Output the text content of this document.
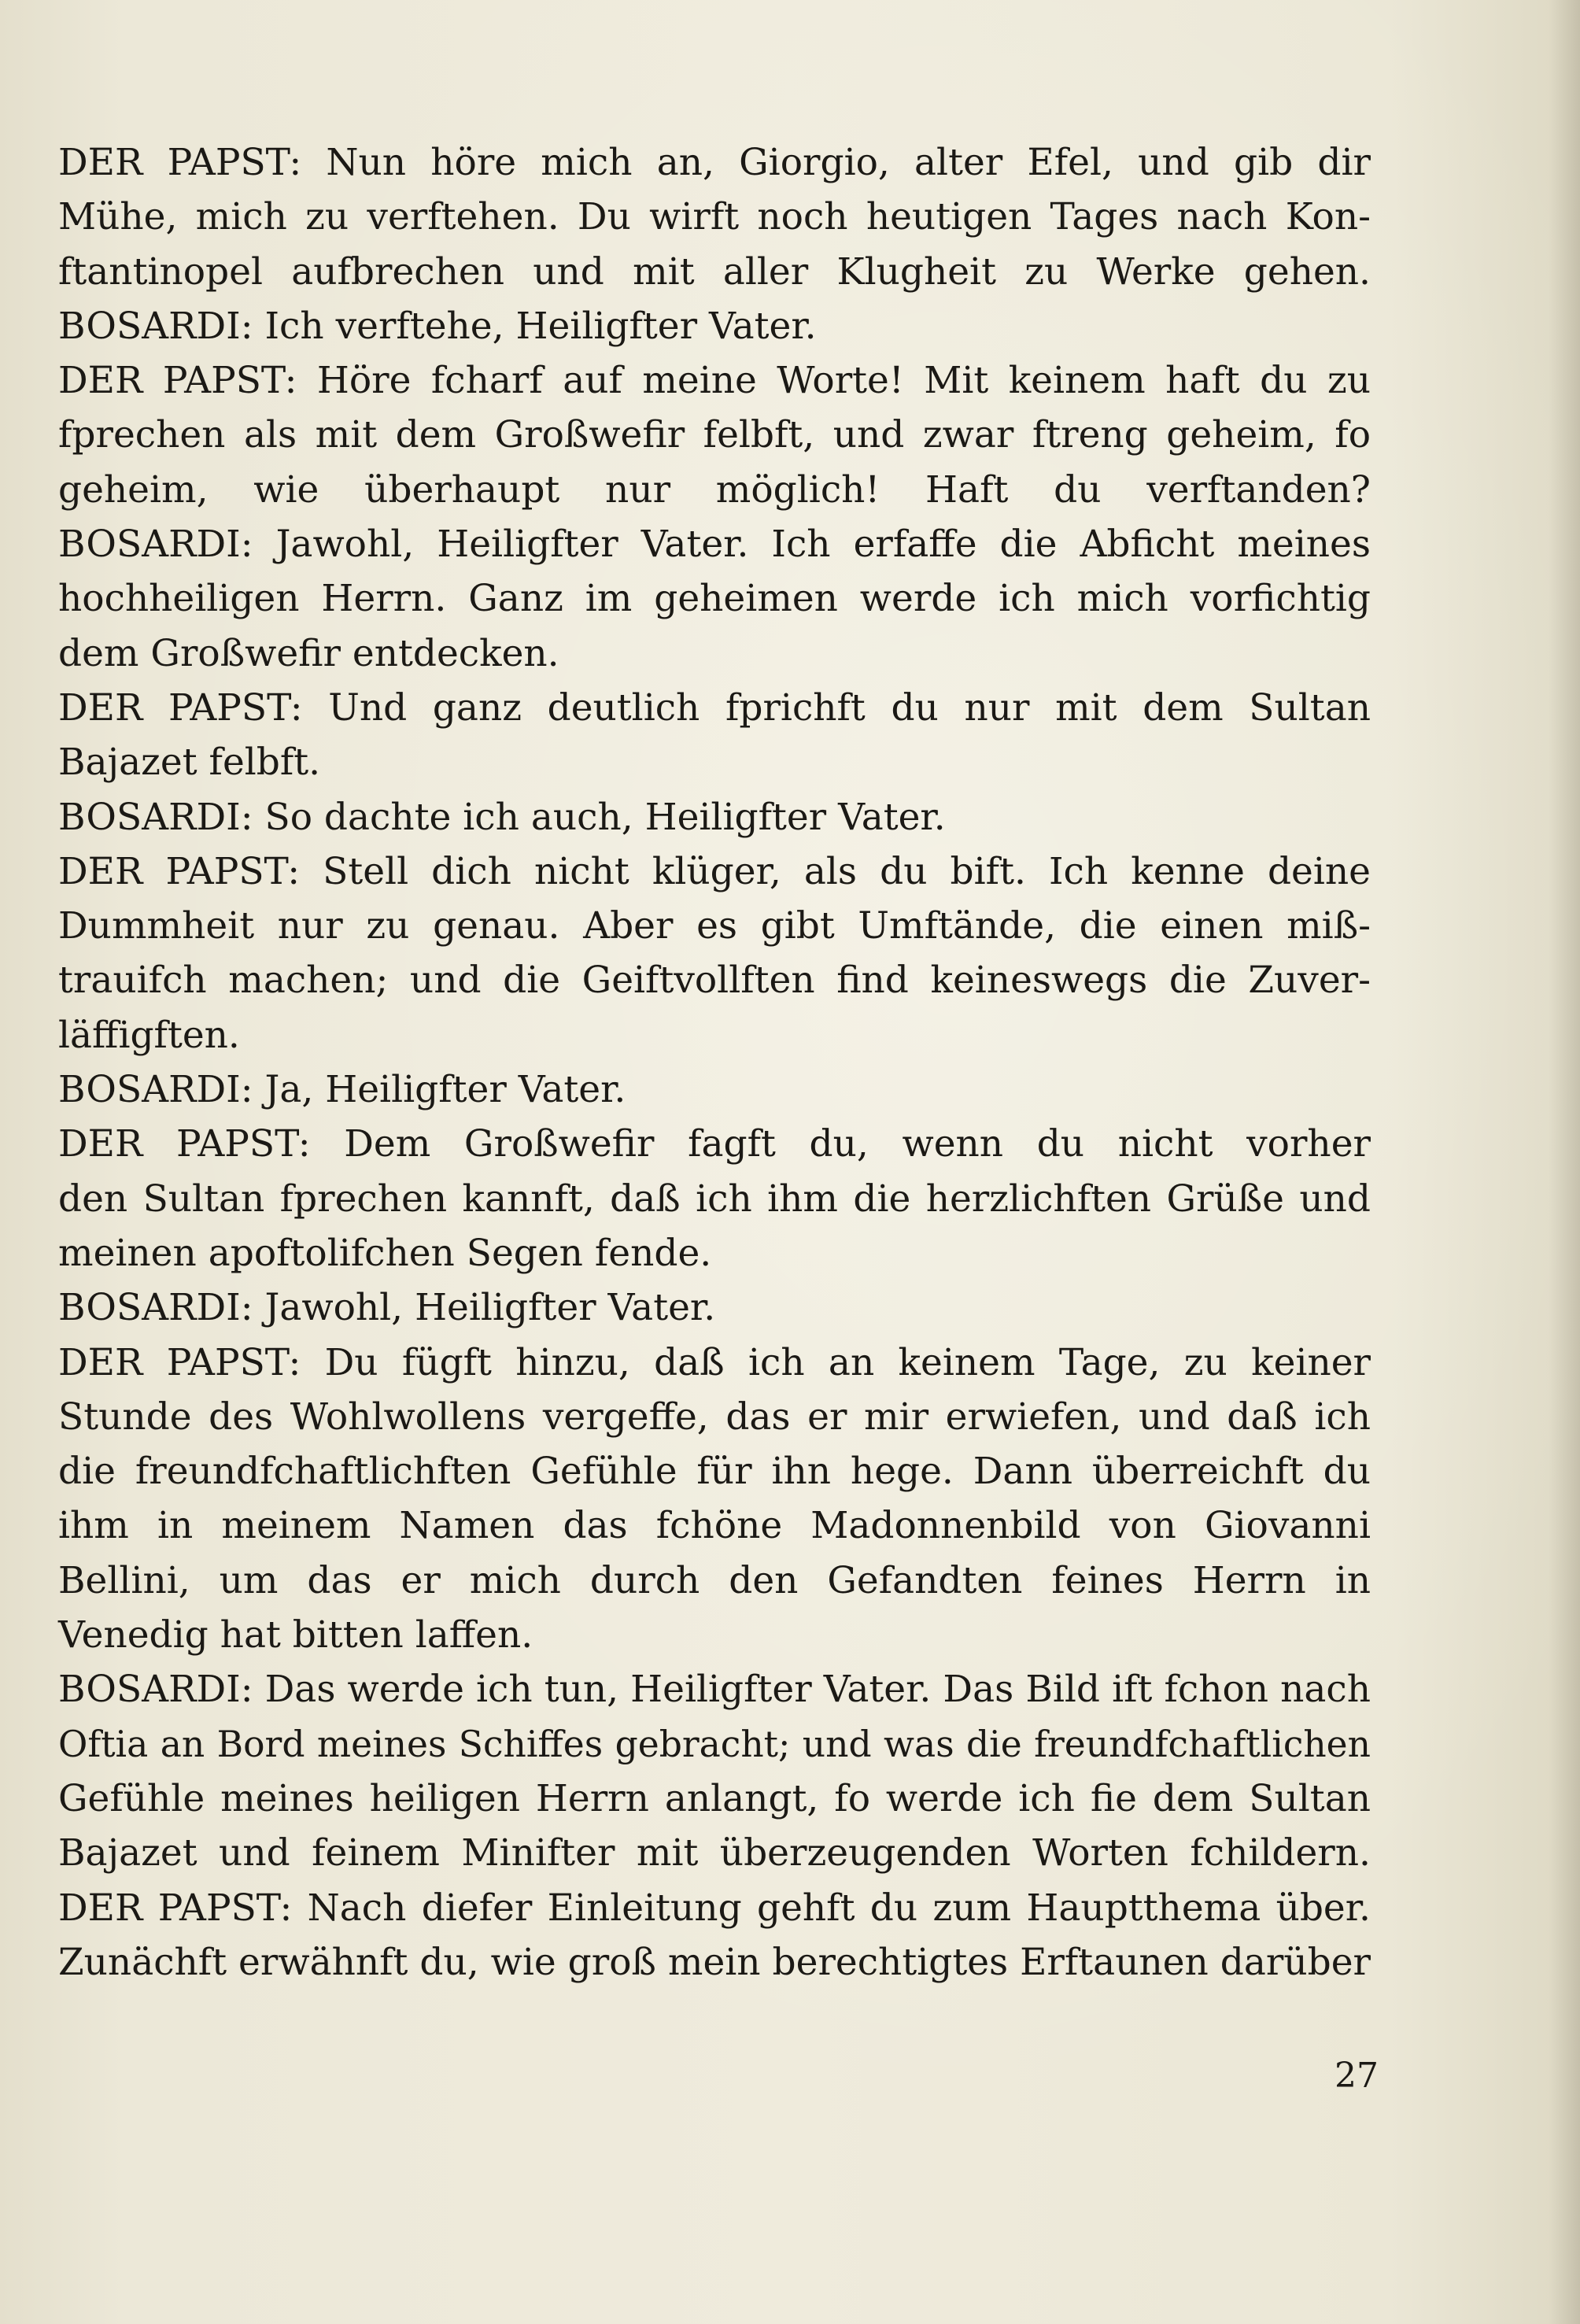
DER PAPST: Nun höre mich an, Giorgio, alter Efel, und gib dir
Mühe, mich zu verftehen. Du wirft noch heutigen Tages nach Kon-
ftantinopel aufbrechen und mit aller Klugheit zu Werke gehen.
BOSARDI: Ich verftehe, Heiligfter Vater.
DER PAPST: Höre fcharf auf meine Worte! Mit keinem haft du zu
fprechen als mit dem Großwefir felbft, und zwar ftreng geheim, fo
geheim, wie überhaupt nur möglich! Haft du verftanden?
BOSARDI: Jawohl, Heiligfter Vater. Ich erfaffe die Abficht meines
hochheiligen Herrn. Ganz im geheimen werde ich mich vorfichtig
dem Großwefir entdecken.
DER PAPST: Und ganz deutlich fprichft du nur mit dem Sultan
Bajazet felbft.
BOSARDI: So dachte ich auch, Heiligfter Vater.
DER PAPST: Stell dich nicht klüger, als du bift. Ich kenne deine
Dummheit nur zu genau. Aber es gibt Umftände, die einen miß-
trauifch machen; und die Geiftvollften find keineswegs die Zuver-
läffigften.
BOSARDI: Ja, Heiligfter Vater.
DER PAPST: Dem Großwefir fagft du, wenn du nicht vorher
den Sultan fprechen kannft, daß ich ihm die herzlichften Grüße und
meinen apoftolifchen Segen fende.
BOSARDI: Jawohl, Heiligfter Vater.
DER PAPST: Du fügft hinzu, daß ich an keinem Tage, zu keiner
Stunde des Wohlwollens vergeffe, das er mir erwiefen, und daß ich
die freundfchaftlichften Gefühle für ihn hege. Dann überreichft du
ihm in meinem Namen das fchöne Madonnenbild von Giovanni
Bellini, um das er mich durch den Gefandten feines Herrn in
Venedig hat bitten laffen.
BOSARDI: Das werde ich tun, Heiligfter Vater. Das Bild ift fchon nach
Oftia an Bord meines Schiffes gebracht; und was die freundfchaftlichen
Gefühle meines heiligen Herrn anlangt, fo werde ich fie dem Sultan
Bajazet und feinem Minifter mit überzeugenden Worten fchildern.
DER PAPST: Nach diefer Einleitung gehft du zum Hauptthema über.
Zunächft erwähnft du, wie groß mein berechtigtes Erftaunen darüber
27
